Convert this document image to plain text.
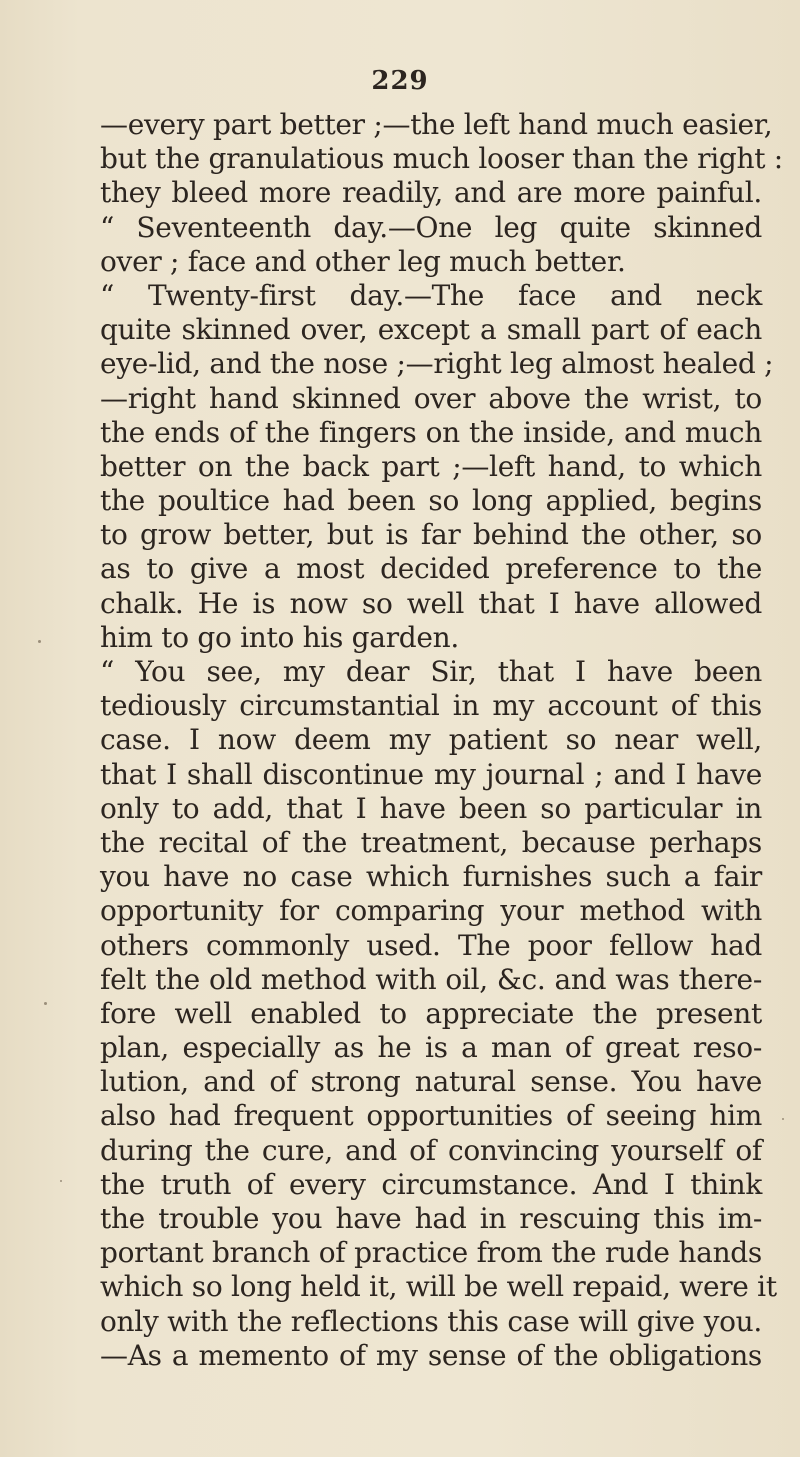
229
—every part better ;—the left hand much easier,
but the granulatious much looser than the right :
they bleed more readily, and are more painful.
“ Seventeenth day.—One leg quite skinned
over ; face and other leg much better.
“ Twenty-first day.—The face and neck
quite skinned over, except a small part of each
eye-lid, and the nose ;—right leg almost healed ;
—right hand skinned over above the wrist, to
the ends of the fingers on the inside, and much
better on the back part ;—left hand, to which
the poultice had been so long applied, begins
to grow better, but is far behind the other, so
as to give a most decided preference to the
chalk. He is now so well that I have allowed
him to go into his garden.
“ You see, my dear Sir, that I have been
tediously circumstantial in my account of this
case. I now deem my patient so near well,
that I shall discontinue my journal ; and I have
only to add, that I have been so particular in
the recital of the treatment, because perhaps
you have no case which furnishes such a fair
opportunity for comparing your method with
others commonly used. The poor fellow had
felt the old method with oil, &c. and was there-
fore well enabled to appreciate the present
plan, especially as he is a man of great reso-
lution, and of strong natural sense. You have
also had frequent opportunities of seeing him
during the cure, and of convincing yourself of
the truth of every circumstance. And I think
the trouble you have had in rescuing this im-
portant branch of practice from the rude hands
which so long held it, will be well repaid, were it
only with the reflections this case will give you.
—As a memento of my sense of the obligations
